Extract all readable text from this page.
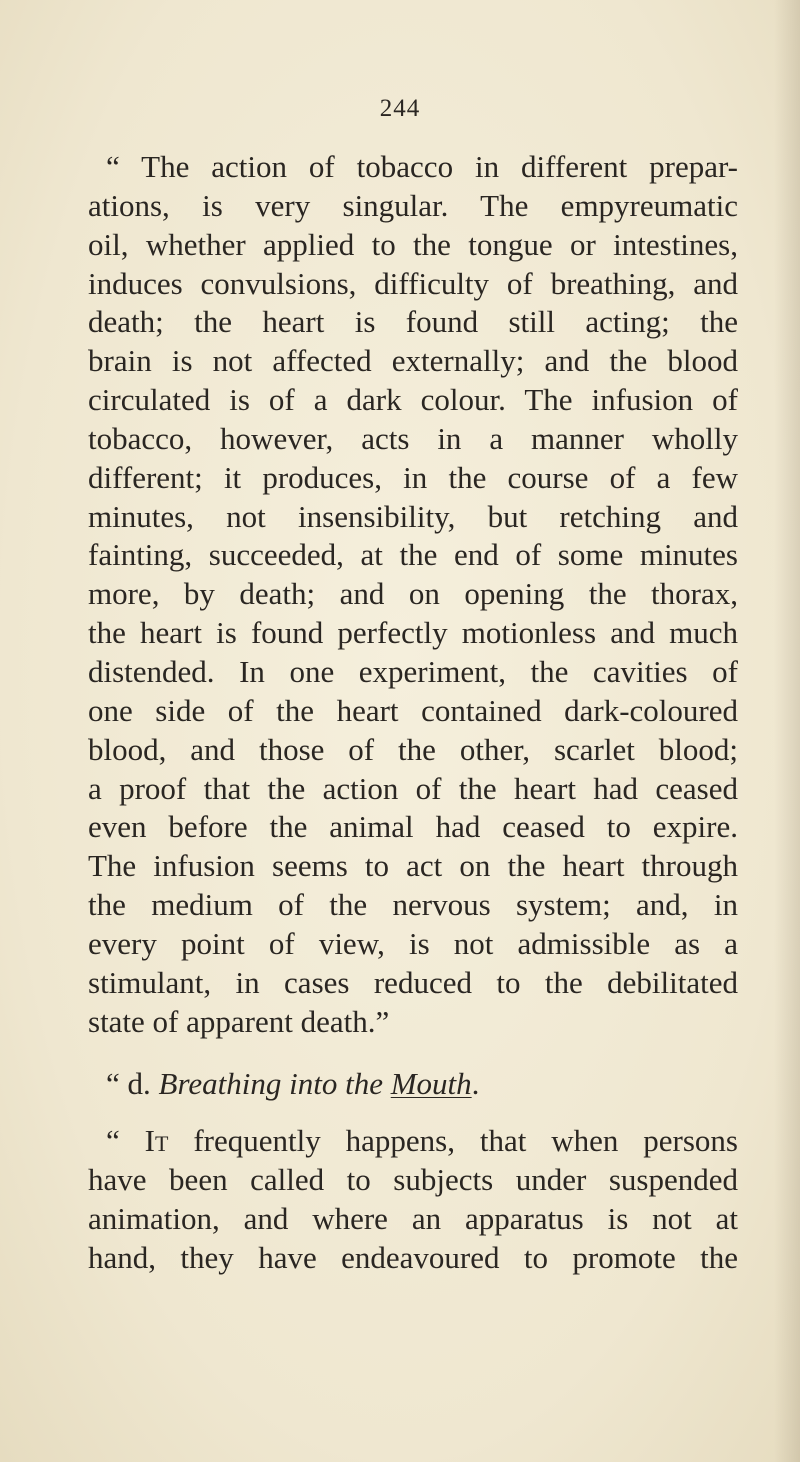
244
“ The action of tobacco in different prepar-
ations, is very singular. The empyreumatic
oil, whether applied to the tongue or intestines,
induces convulsions, difficulty of breathing, and
death; the heart is found still acting; the
brain is not affected externally; and the blood
circulated is of a dark colour. The infusion of
tobacco, however, acts in a manner wholly
different; it produces, in the course of a few
minutes, not insensibility, but retching and
fainting, succeeded, at the end of some minutes
more, by death; and on opening the thorax,
the heart is found perfectly motionless and much
distended. In one experiment, the cavities of
one side of the heart contained dark-coloured
blood, and those of the other, scarlet blood;
a proof that the action of the heart had ceased
even before the animal had ceased to expire.
The infusion seems to act on the heart through
the medium of the nervous system; and, in
every point of view, is not admissible as a
stimulant, in cases reduced to the debilitated
state of apparent death.”
“ d. Breathing into the Mouth.
“ It frequently happens, that when persons
have been called to subjects under suspended
animation, and where an apparatus is not at
hand, they have endeavoured to promote the
